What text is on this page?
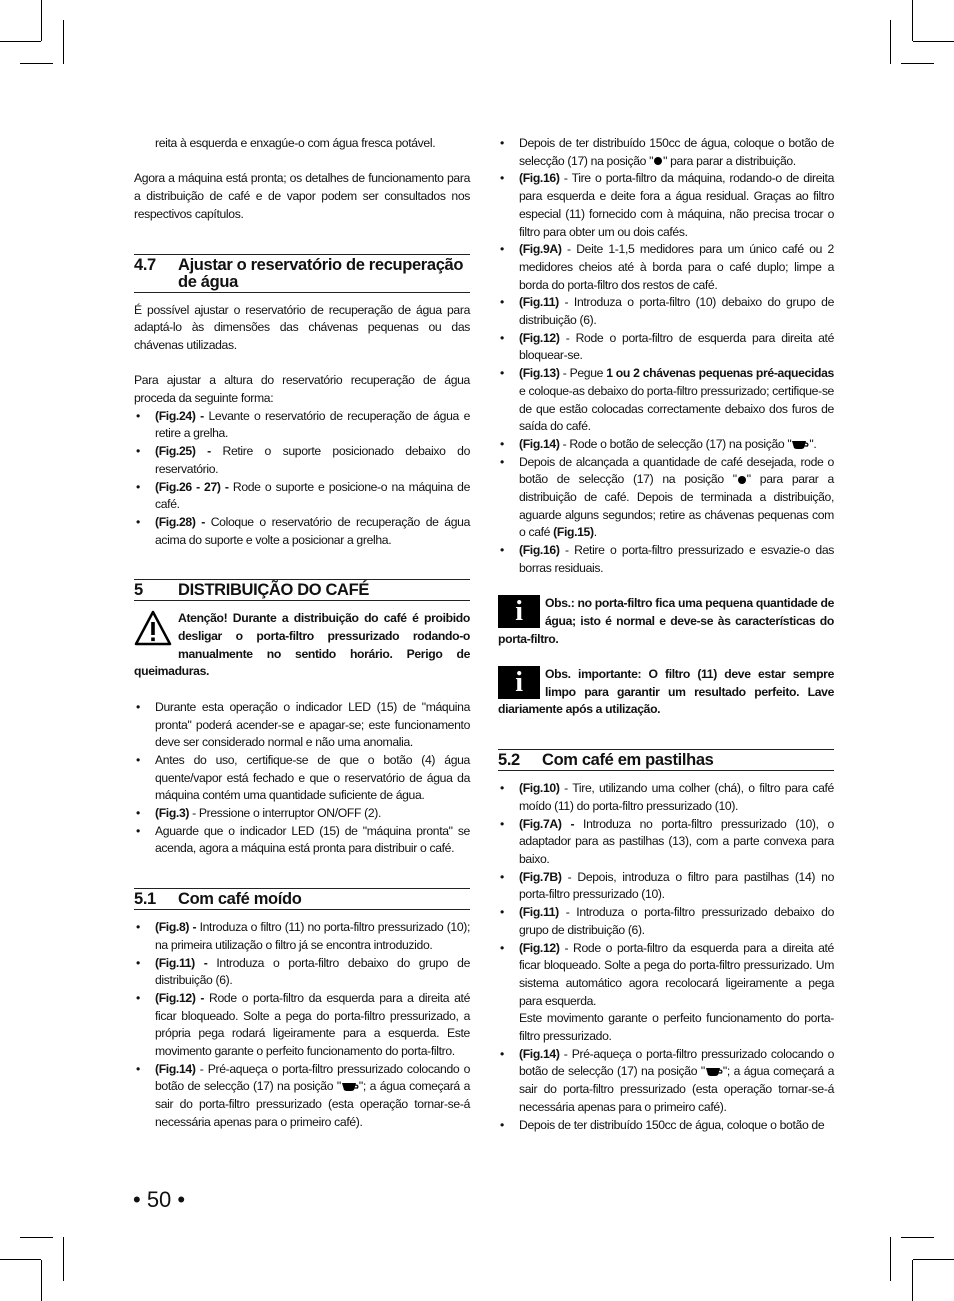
reita à esquerda e enxagúe-o com água fresca potável.

Agora a máquina está pronta; os detalhes de funcionamento para a distribuição de café e de vapor podem ser consultados nos respectivos capítulos.

4.7 Ajustar o reservatório de recuperação de água

É possível ajustar o reservatório de recuperação de água para adaptá-lo às dimensões das chávenas pequenas ou das chávenas utilizadas.

Para ajustar a altura do reservatório recuperação de água proceda da seguinte forma:

• (Fig.24) - Levante o reservatório de recuperação de água e retire a grelha.
• (Fig.25) - Retire o suporte posicionado debaixo do reservatório.
• (Fig.26 - 27) - Rode o suporte e posicione-o na máquina de café.
• (Fig.28) - Coloque o reservatório de recuperação de água acima do suporte e volte a posicionar a grelha.
5 DISTRIBUIÇÃO DO CAFÉ
Atenção! Durante a distribuição do café é proibido desligar o porta-filtro pressurizado rodando-o manualmente no sentido horário. Perigo de queimaduras.
• Durante esta operação o indicador LED (15) de "máquina pronta" poderá acender-se e apagar-se; este funcionamento deve ser considerado normal e não uma anomalia.
• Antes do uso, certifique-se de que o botão (4) água quente/vapor está fechado e que o reservatório de água da máquina contém uma quantidade suficiente de água.
• (Fig.3) - Pressione o interruptor ON/OFF (2).
• Aguarde que o indicador LED (15) de "máquina pronta" se acenda, agora a máquina está pronta para distribuir o café.
5.1 Com café moído
• (Fig.8) - Introduza o filtro (11) no porta-filtro pressurizado (10); na primeira utilização o filtro já se encontra introduzido.
• (Fig.11) - Introduza o porta-filtro debaixo do grupo de distribuição (6).
• (Fig.12) - Rode o porta-filtro da esquerda para a direita até ficar bloqueado. Solte a pega do porta-filtro pressurizado, a própria pega rodará ligeiramente para a esquerda. Este movimento garante o perfeito funcionamento do porta-filtro.
• (Fig.14) - Pré-aqueça o porta-filtro pressurizado colocando o botão de selecção (17) na posição " "; a água começará a sair do porta-filtro pressurizado (esta operação tornar-se-á necessária apenas para o primeiro café).
• Depois de ter distribuído 150cc de água, coloque o botão de selecção (17) na posição " " para parar a distribuição.
• (Fig.16) - Tire o porta-filtro da máquina, rodando-o de direita para esquerda e deite fora a água residual. Graças ao filtro especial (11) fornecido com à máquina, não precisa trocar o filtro para obter um ou dois cafés.
• (Fig.9A) - Deite 1-1,5 medidores para um único café ou 2 medidores cheios até à borda para o café duplo; limpe a borda do porta-filtro dos restos de café.
• (Fig.11) - Introduza o porta-filtro (10) debaixo do grupo de distribuição (6).
• (Fig.12) - Rode o porta-filtro de esquerda para direita até bloquear-se.
• (Fig.13) - Pegue 1 ou 2 chávenas pequenas pré-aquecidas e coloque-as debaixo do porta-filtro pressurizado; certifique-se de que estão colocadas correctamente debaixo dos furos de saída do café.
• (Fig.14) - Rode o botão de selecção (17) na posição " ".
• Depois de alcançada a quantidade de café desejada, rode o botão de selecção (17) na posição " " para parar a distribuição de café. Depois de terminada a distribuição, aguarde alguns segundos; retire as chávenas pequenas com o café (Fig.15).
• (Fig.16) - Retire o porta-filtro pressurizado e esvazie-o das borras residuais.
i	Obs.: no porta-filtro fica uma pequena quantidade de água; isto é normal e deve-se às características do porta-filtro.
i	Obs. importante: O filtro (11) deve estar sempre limpo para garantir um resultado perfeito. Lave diariamente após a utilização.
5.2 Com café em pastilhas
• (Fig.10) - Tire, utilizando uma colher (chá), o filtro para café moído (11) do porta-filtro pressurizado (10).
• (Fig.7A) - Introduza no porta-filtro pressurizado (10), o adaptador para as pastilhas (13), com a parte convexa para baixo.
• (Fig.7B) - Depois, introduza o filtro para pastilhas (14) no porta-filtro pressurizado (10).
• (Fig.11) - Introduza o porta-filtro pressurizado debaixo do grupo de distribuição (6).
• (Fig.12) - Rode o porta-filtro da esquerda para a direita até ficar bloqueado. Solte a pega do porta-filtro pressurizado. Um sistema automático agora recolocará ligeiramente a pega para esquerda.
Este movimento garante o perfeito funcionamento do porta-filtro pressurizado.
• (Fig.14) - Pré-aqueça o porta-filtro pressurizado colocando o botão de selecção (17) na posição " "; a água começará a sair do porta-filtro pressurizado (esta operação tornar-se-á necessária apenas para o primeiro café).
• Depois de ter distribuído 150cc de água, coloque o botão de
• 50 •
